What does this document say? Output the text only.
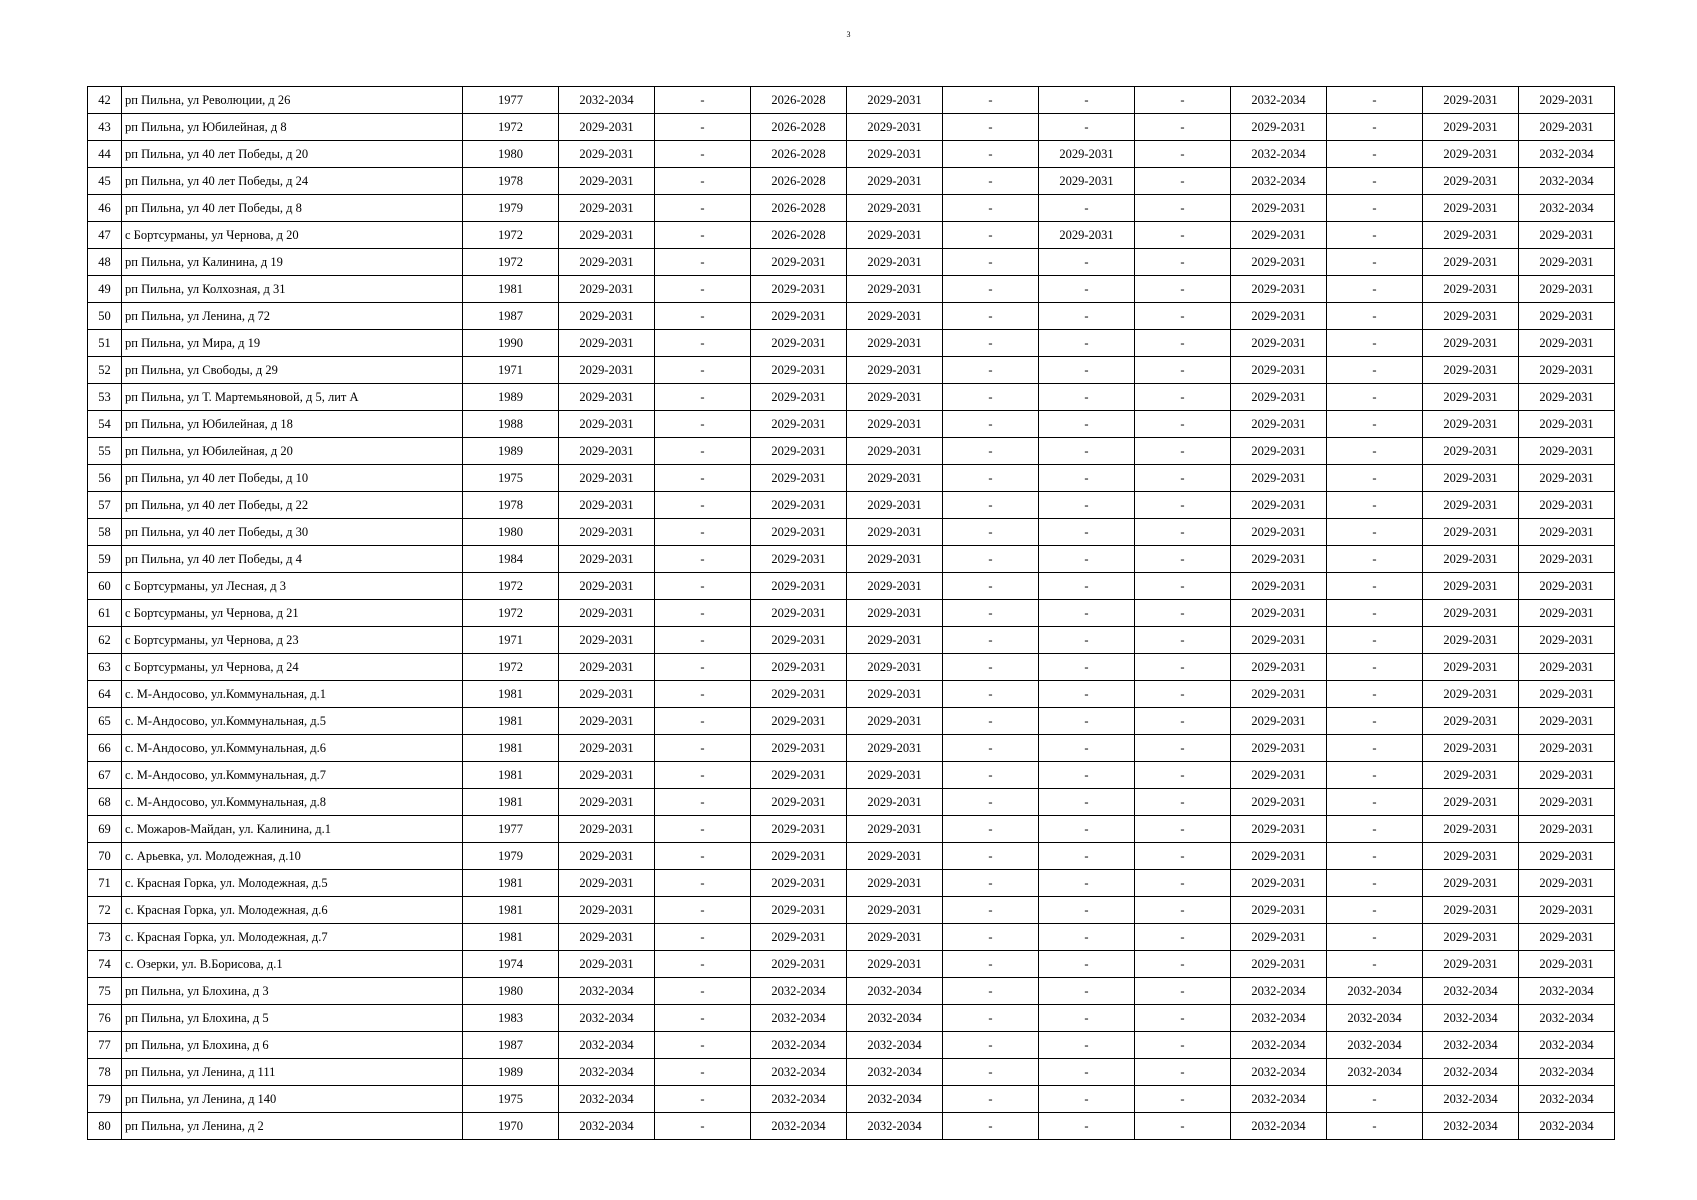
3
42	рп Пильна, ул Революции, д 26	1977	2032-2034	-	2026-2028	2029-2031	-	-	-	2032-2034	-	2029-2031	2029-2031
43	рп Пильна, ул Юбилейная, д 8	1972	2029-2031	-	2026-2028	2029-2031	-	-	-	2029-2031	-	2029-2031	2029-2031
44	рп Пильна, ул 40 лет Победы, д 20	1980	2029-2031	-	2026-2028	2029-2031	-	2029-2031	-	2032-2034	-	2029-2031	2032-2034
45	рп Пильна, ул 40 лет Победы, д 24	1978	2029-2031	-	2026-2028	2029-2031	-	2029-2031	-	2032-2034	-	2029-2031	2032-2034
46	рп Пильна, ул 40 лет Победы, д 8	1979	2029-2031	-	2026-2028	2029-2031	-	-	-	2029-2031	-	2029-2031	2032-2034
47	с Бортсурманы, ул Чернова, д 20	1972	2029-2031	-	2026-2028	2029-2031	-	2029-2031	-	2029-2031	-	2029-2031	2029-2031
48	рп Пильна, ул Калинина, д 19	1972	2029-2031	-	2029-2031	2029-2031	-	-	-	2029-2031	-	2029-2031	2029-2031
49	рп Пильна, ул Колхозная, д 31	1981	2029-2031	-	2029-2031	2029-2031	-	-	-	2029-2031	-	2029-2031	2029-2031
50	рп Пильна, ул Ленина, д 72	1987	2029-2031	-	2029-2031	2029-2031	-	-	-	2029-2031	-	2029-2031	2029-2031
51	рп Пильна, ул Мира, д 19	1990	2029-2031	-	2029-2031	2029-2031	-	-	-	2029-2031	-	2029-2031	2029-2031
52	рп Пильна, ул Свободы, д 29	1971	2029-2031	-	2029-2031	2029-2031	-	-	-	2029-2031	-	2029-2031	2029-2031
53	рп Пильна, ул Т. Мартемьяновой, д 5, лит А	1989	2029-2031	-	2029-2031	2029-2031	-	-	-	2029-2031	-	2029-2031	2029-2031
54	рп Пильна, ул Юбилейная, д 18	1988	2029-2031	-	2029-2031	2029-2031	-	-	-	2029-2031	-	2029-2031	2029-2031
55	рп Пильна, ул Юбилейная, д 20	1989	2029-2031	-	2029-2031	2029-2031	-	-	-	2029-2031	-	2029-2031	2029-2031
56	рп Пильна, ул 40 лет Победы, д 10	1975	2029-2031	-	2029-2031	2029-2031	-	-	-	2029-2031	-	2029-2031	2029-2031
57	рп Пильна, ул 40 лет Победы, д 22	1978	2029-2031	-	2029-2031	2029-2031	-	-	-	2029-2031	-	2029-2031	2029-2031
58	рп Пильна, ул 40 лет Победы, д 30	1980	2029-2031	-	2029-2031	2029-2031	-	-	-	2029-2031	-	2029-2031	2029-2031
59	рп Пильна, ул 40 лет Победы, д 4	1984	2029-2031	-	2029-2031	2029-2031	-	-	-	2029-2031	-	2029-2031	2029-2031
60	с Бортсурманы, ул Лесная, д 3	1972	2029-2031	-	2029-2031	2029-2031	-	-	-	2029-2031	-	2029-2031	2029-2031
61	с Бортсурманы, ул Чернова, д 21	1972	2029-2031	-	2029-2031	2029-2031	-	-	-	2029-2031	-	2029-2031	2029-2031
62	с Бортсурманы, ул Чернова, д 23	1971	2029-2031	-	2029-2031	2029-2031	-	-	-	2029-2031	-	2029-2031	2029-2031
63	с Бортсурманы, ул Чернова, д 24	1972	2029-2031	-	2029-2031	2029-2031	-	-	-	2029-2031	-	2029-2031	2029-2031
64	с. М-Андосово, ул.Коммунальная, д.1	1981	2029-2031	-	2029-2031	2029-2031	-	-	-	2029-2031	-	2029-2031	2029-2031
65	с. М-Андосово, ул.Коммунальная, д.5	1981	2029-2031	-	2029-2031	2029-2031	-	-	-	2029-2031	-	2029-2031	2029-2031
66	с. М-Андосово, ул.Коммунальная, д.6	1981	2029-2031	-	2029-2031	2029-2031	-	-	-	2029-2031	-	2029-2031	2029-2031
67	с. М-Андосово, ул.Коммунальная, д.7	1981	2029-2031	-	2029-2031	2029-2031	-	-	-	2029-2031	-	2029-2031	2029-2031
68	с. М-Андосово, ул.Коммунальная, д.8	1981	2029-2031	-	2029-2031	2029-2031	-	-	-	2029-2031	-	2029-2031	2029-2031
69	с. Можаров-Майдан, ул. Калинина, д.1	1977	2029-2031	-	2029-2031	2029-2031	-	-	-	2029-2031	-	2029-2031	2029-2031
70	с. Арьевка, ул. Молодежная, д.10	1979	2029-2031	-	2029-2031	2029-2031	-	-	-	2029-2031	-	2029-2031	2029-2031
71	с. Красная Горка, ул. Молодежная, д.5	1981	2029-2031	-	2029-2031	2029-2031	-	-	-	2029-2031	-	2029-2031	2029-2031
72	с. Красная Горка, ул. Молодежная, д.6	1981	2029-2031	-	2029-2031	2029-2031	-	-	-	2029-2031	-	2029-2031	2029-2031
73	с. Красная Горка, ул. Молодежная, д.7	1981	2029-2031	-	2029-2031	2029-2031	-	-	-	2029-2031	-	2029-2031	2029-2031
74	с. Озерки, ул. В.Борисова, д.1	1974	2029-2031	-	2029-2031	2029-2031	-	-	-	2029-2031	-	2029-2031	2029-2031
75	рп Пильна, ул Блохина, д 3	1980	2032-2034	-	2032-2034	2032-2034	-	-	-	2032-2034	2032-2034	2032-2034	2032-2034
76	рп Пильна, ул Блохина, д 5	1983	2032-2034	-	2032-2034	2032-2034	-	-	-	2032-2034	2032-2034	2032-2034	2032-2034
77	рп Пильна, ул Блохина, д 6	1987	2032-2034	-	2032-2034	2032-2034	-	-	-	2032-2034	2032-2034	2032-2034	2032-2034
78	рп Пильна, ул Ленина, д 111	1989	2032-2034	-	2032-2034	2032-2034	-	-	-	2032-2034	2032-2034	2032-2034	2032-2034
79	рп Пильна, ул Ленина, д 140	1975	2032-2034	-	2032-2034	2032-2034	-	-	-	2032-2034	-	2032-2034	2032-2034
80	рп Пильна, ул Ленина, д 2	1970	2032-2034	-	2032-2034	2032-2034	-	-	-	2032-2034	-	2032-2034	2032-2034
